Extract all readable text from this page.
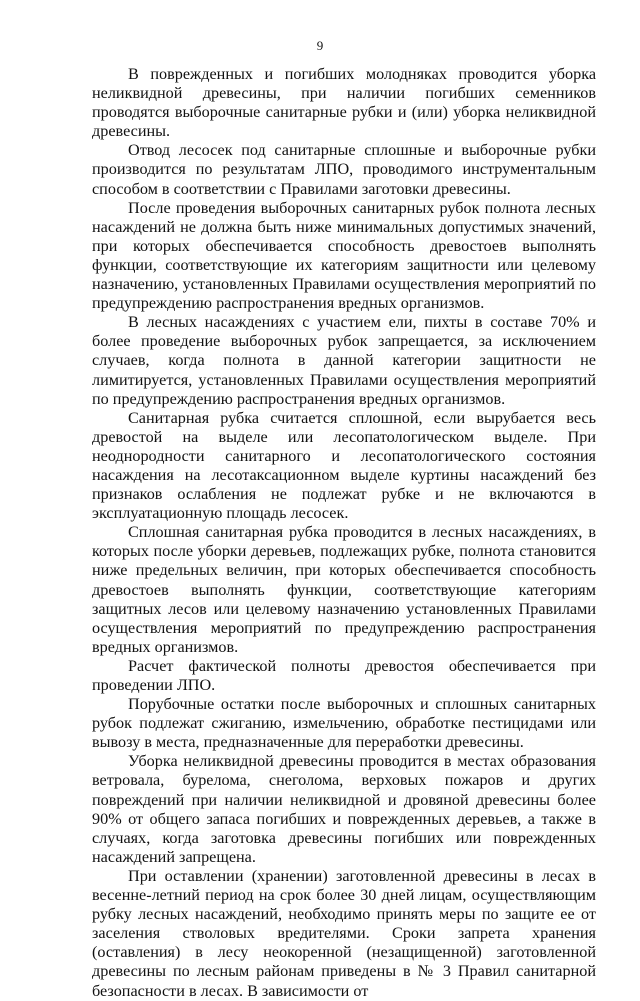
9

В поврежденных и погибших молодняках проводится уборка неликвидной древесины, при наличии погибших семенников проводятся выборочные санитарные рубки и (или) уборка неликвидной древесины.

Отвод лесосек под санитарные сплошные и выборочные рубки производится по результатам ЛПО, проводимого инструментальным способом в соответствии с Правилами заготовки древесины.

После проведения выборочных санитарных рубок полнота лесных насаждений не должна быть ниже минимальных допустимых значений, при которых обеспечивается способность древостоев выполнять функции, соответствующие их категориям защитности или целевому назначению, установленных Правилами осуществления мероприятий по предупреждению распространения вредных организмов.

В лесных насаждениях с участием ели, пихты в составе 70% и более проведение выборочных рубок запрещается, за исключением случаев, когда полнота в данной категории защитности не лимитируется, установленных Правилами осуществления мероприятий по предупреждению распространения вредных организмов.

Санитарная рубка считается сплошной, если вырубается весь древостой на выделе или лесопатологическом выделе. При неоднородности санитарного и лесопатологического состояния насаждения на лесотаксационном выделе куртины насаждений без признаков ослабления не подлежат рубке и не включаются в эксплуатационную площадь лесосек.

Сплошная санитарная рубка проводится в лесных насаждениях, в которых после уборки деревьев, подлежащих рубке, полнота становится ниже предельных величин, при которых обеспечивается способность древостоев выполнять функции, соответствующие категориям защитных лесов или целевому назначению установленных Правилами осуществления мероприятий по предупреждению распространения вредных организмов.

Расчет фактической полноты древостоя обеспечивается при проведении ЛПО.

Порубочные остатки после выборочных и сплошных санитарных рубок подлежат сжиганию, измельчению, обработке пестицидами или вывозу в места, предназначенные для переработки древесины.

Уборка неликвидной древесины проводится в местах образования ветровала, бурелома, снеголома, верховых пожаров и других повреждений при наличии неликвидной и дровяной древесины более 90% от общего запаса погибших и поврежденных деревьев, а также в случаях, когда заготовка древесины погибших или поврежденных насаждений запрещена.

При оставлении (хранении) заготовленной древесины в лесах в весенне-летний период на срок более 30 дней лицам, осуществляющим рубку лесных насаждений, необходимо принять меры по защите ее от заселения стволовых вредителями. Сроки запрета хранения (оставления) в лесу неокоренной (незащищенной) заготовленной древесины по лесным районам приведены в № 3 Правил санитарной безопасности в лесах. В зависимости от
